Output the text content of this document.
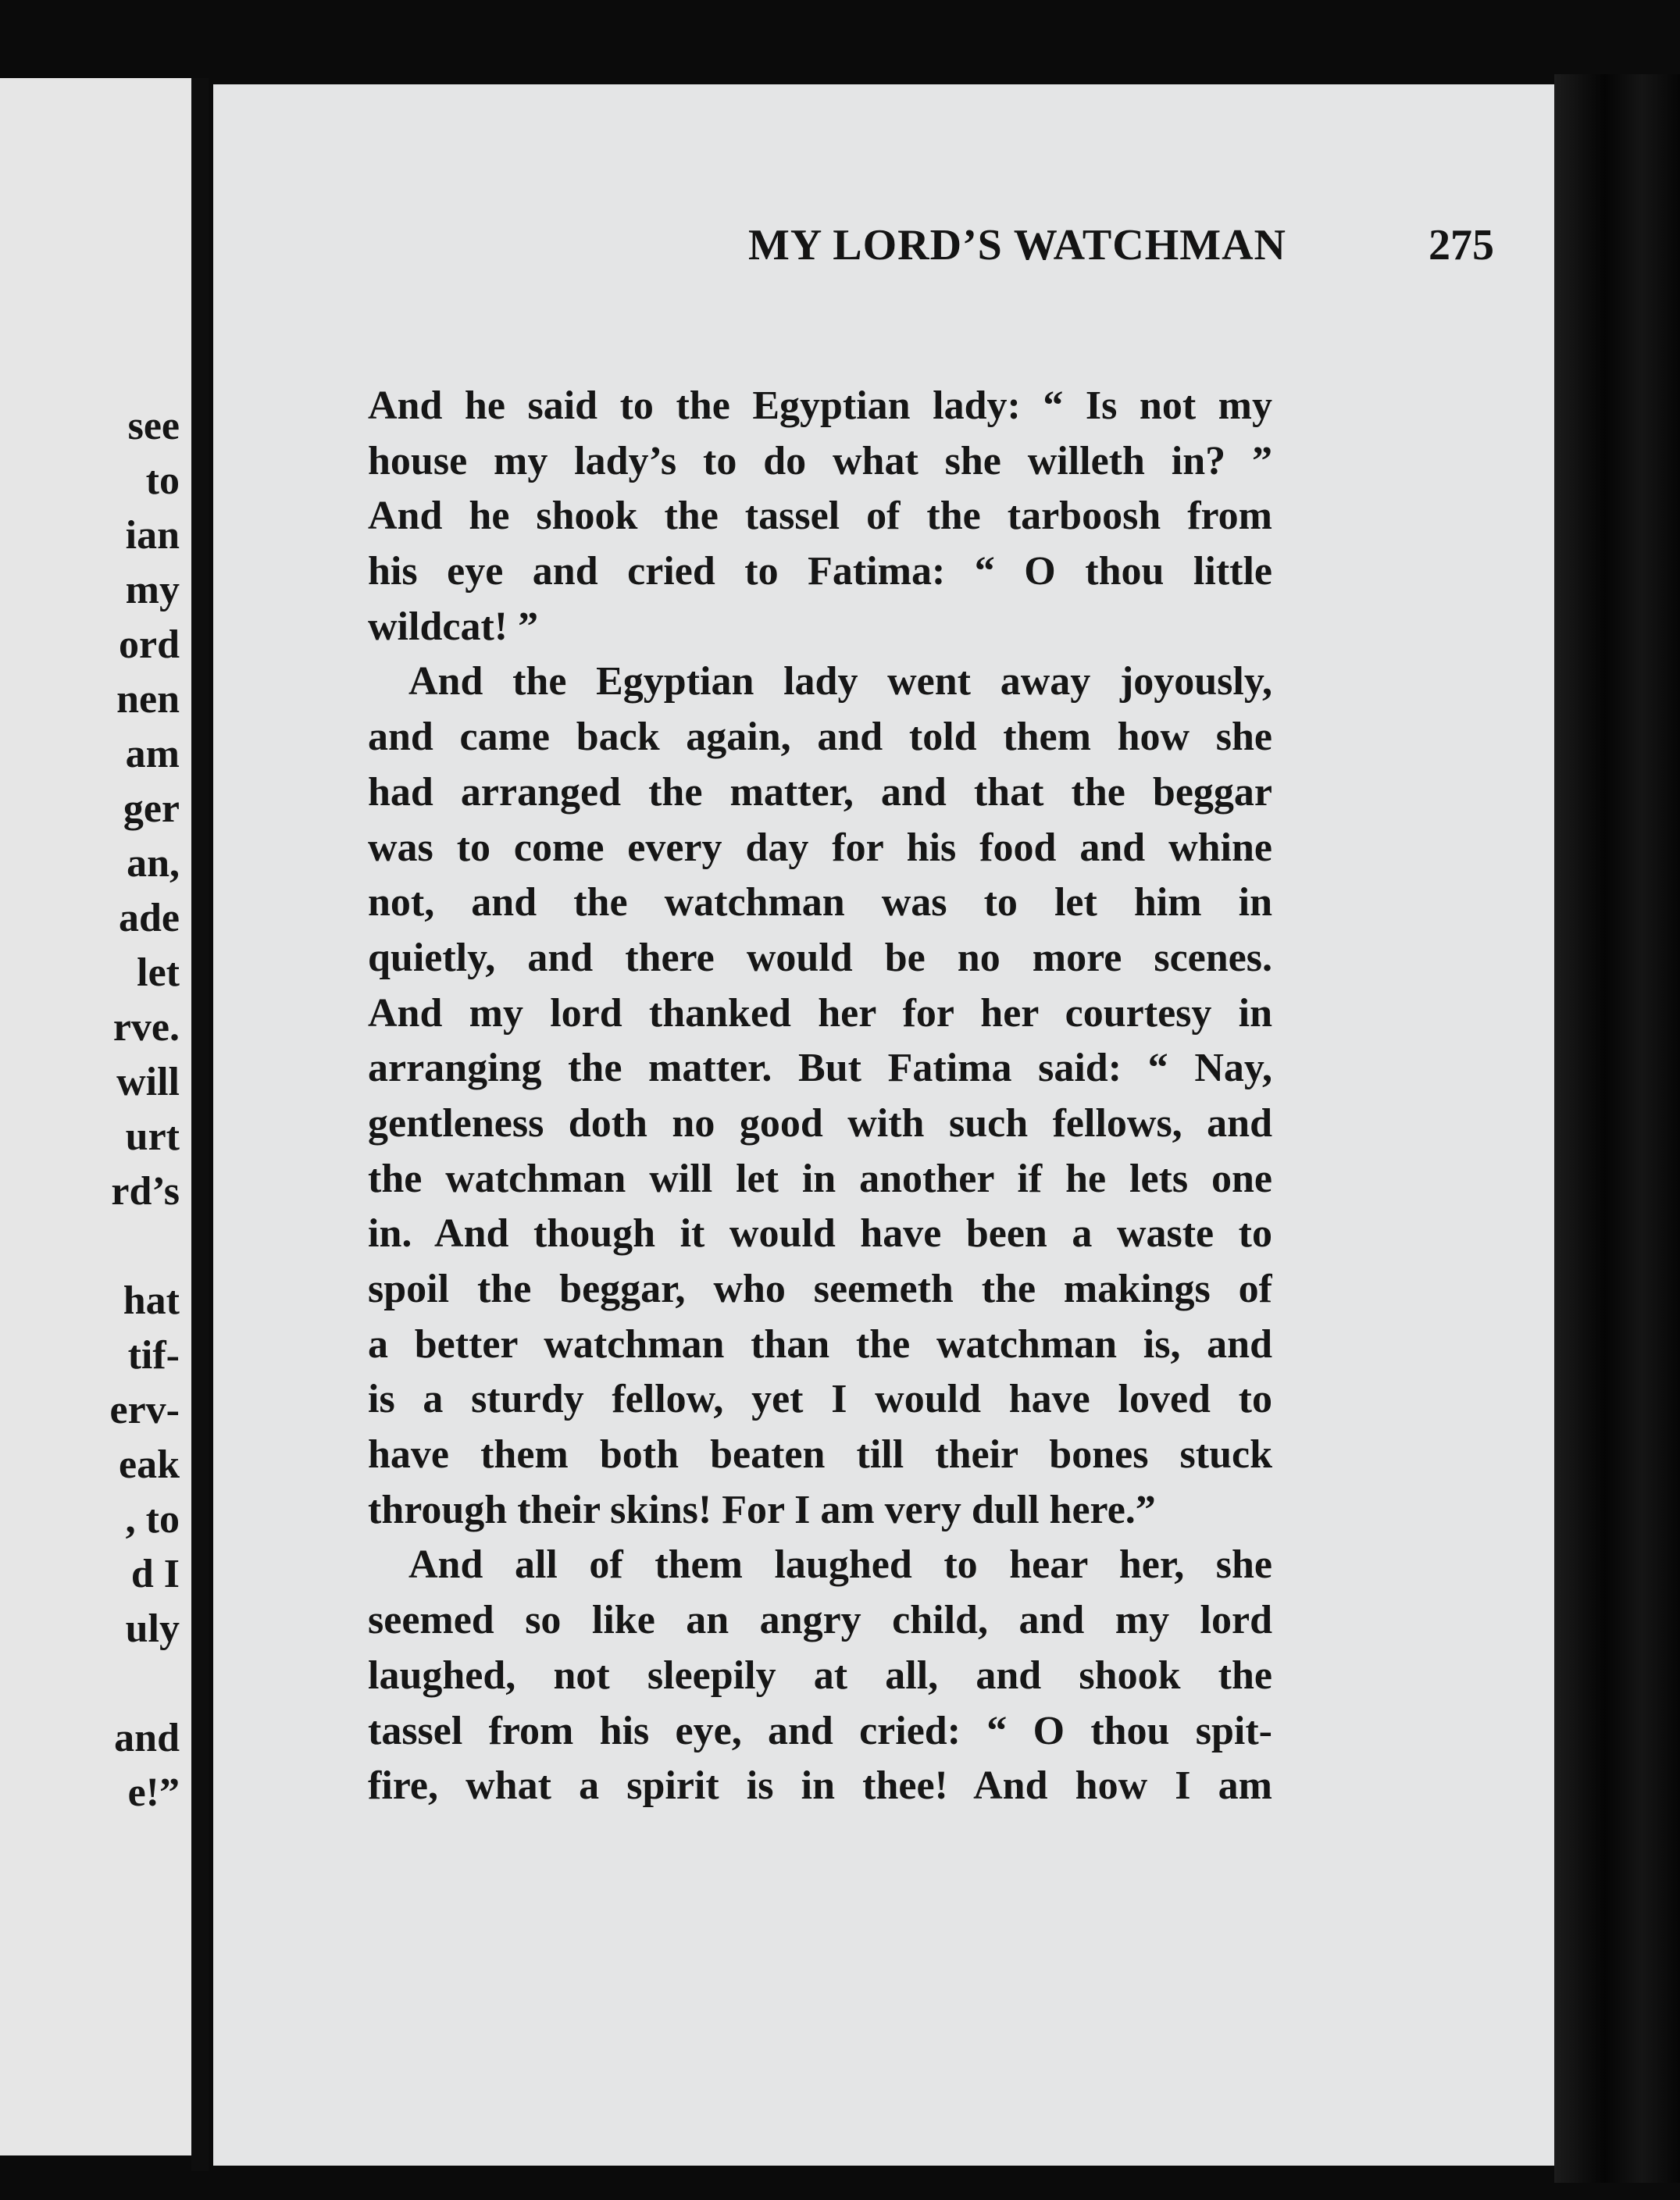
see
to
ian
my
ord
nen
am
ger
an,
ade
let
rve.
will
urt
rd’s
hat
tif-
erv-
eak
, to
d I
uly
and
e!”
MY LORD’S WATCHMAN	275
And he said to the Egyptian lady: “ Is not my
house my lady’s to do what she willeth in? ”
And he shook the tassel of the tarboosh from
his eye and cried to Fatima: “ O thou little
wildcat! ”
And the Egyptian lady went away joyously,
and came back again, and told them how she
had arranged the matter, and that the beggar
was to come every day for his food and whine
not, and the watchman was to let him in
quietly, and there would be no more scenes.
And my lord thanked her for her courtesy in
arranging the matter. But Fatima said: “ Nay,
gentleness doth no good with such fellows, and
the watchman will let in another if he lets one
in. And though it would have been a waste to
spoil the beggar, who seemeth the makings of
a better watchman than the watchman is, and
is a sturdy fellow, yet I would have loved to
have them both beaten till their bones stuck
through their skins! For I am very dull here.”
And all of them laughed to hear her, she
seemed so like an angry child, and my lord
laughed, not sleepily at all, and shook the
tassel from his eye, and cried: “ O thou spit-
fire, what a spirit is in thee! And how I am
